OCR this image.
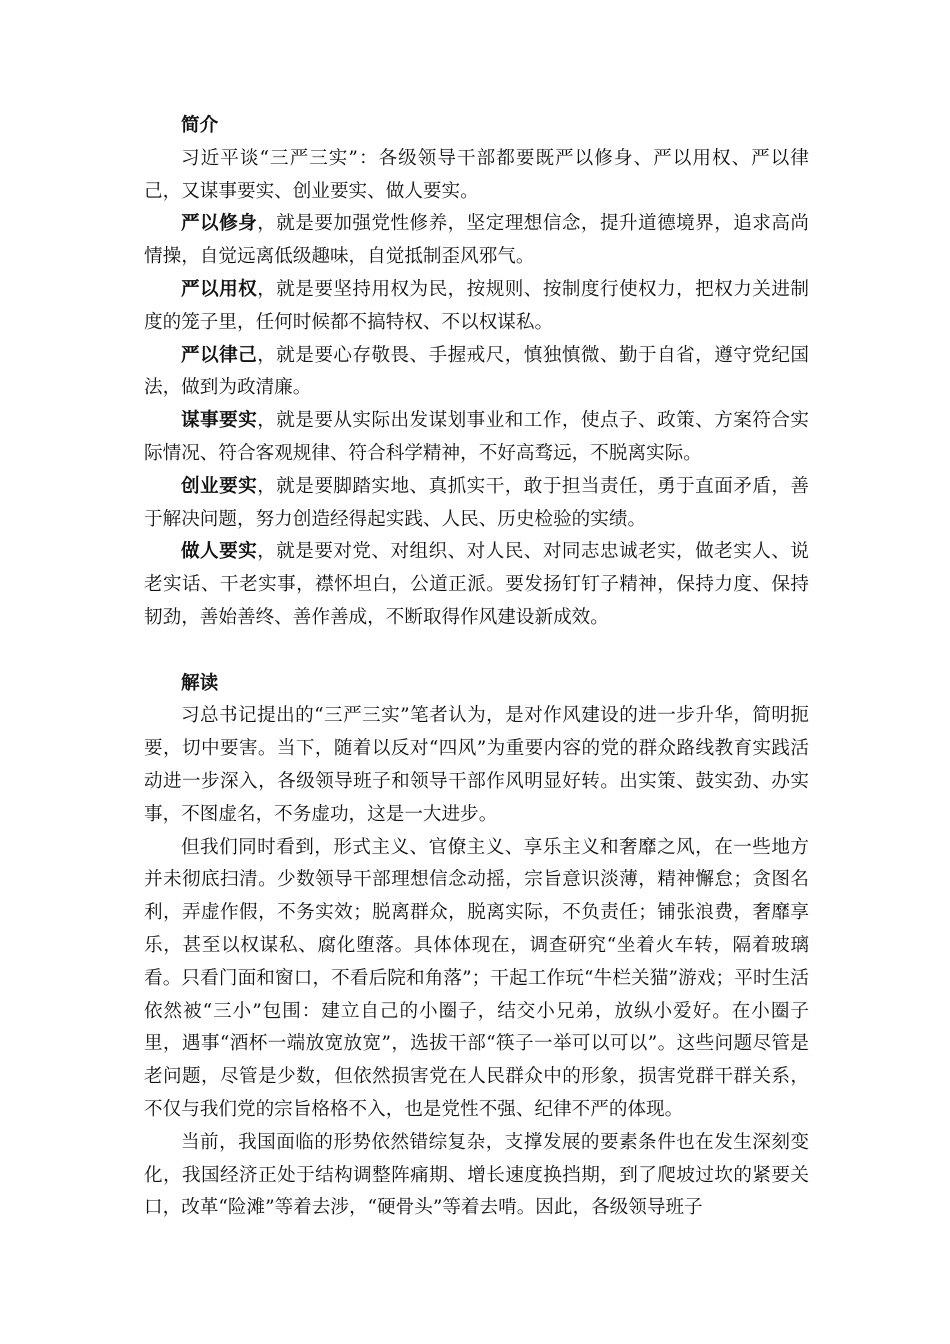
简介

习近平谈“三严三实”：各级领导干部都要既严以修身、严以用权、严以律己，又谋事要实、创业要实、做人要实。

严以修身，就是要加强党性修养，坚定理想信念，提升道德境界，追求高尚情操，自觉远离低级趣味，自觉抵制歪风邪气。

严以用权，就是要坚持用权为民，按规则、按制度行使权力，把权力关进制度的笼子里，任何时候都不搞特权、不以权谋私。

严以律己，就是要心存敬畏、手握戒尺，慎独慎微、勤于自省，遵守党纪国法，做到为政清廉。

谋事要实，就是要从实际出发谋划事业和工作，使点子、政策、方案符合实际情况、符合客观规律、符合科学精神，不好高骛远，不脱离实际。

创业要实，就是要脚踏实地、真抓实干，敢于担当责任，勇于直面矛盾，善于解决问题，努力创造经得起实践、人民、历史检验的实绩。

做人要实，就是要对党、对组织、对人民、对同志忠诚老实，做老实人、说老实话、干老实事，襟怀坦白，公道正派。要发扬钉钉子精神，保持力度、保持韧劲，善始善终、善作善成，不断取得作风建设新成效。

解读

习总书记提出的“三严三实”笔者认为，是对作风建设的进一步升华，简明扼要，切中要害。当下，随着以反对“四风”为重要内容的党的群众路线教育实践活动进一步深入，各级领导班子和领导干部作风明显好转。出实策、鼓实劲、办实事，不图虚名，不务虚功，这是一大进步。

但我们同时看到，形式主义、官僚主义、享乐主义和奢靡之风，在一些地方并未彻底扫清。少数领导干部理想信念动摇，宗旨意识淡薄，精神懈怠；贪图名利，弄虚作假，不务实效；脱离群众，脱离实际，不负责任；铺张浪费，奢靡享乐，甚至以权谋私、腐化堕落。具体体现在，调查研究“坐着火车转，隔着玻璃看。只看门面和窗口，不看后院和角落”；干起工作玩“牛栏关猫”游戏；平时生活依然被“三小”包围：建立自己的小圈子，结交小兄弟，放纵小爱好。在小圈子里，遇事“酒杯一端放宽放宽”，选拔干部“筷子一举可以可以”。这些问题尽管是老问题，尽管是少数，但依然损害党在人民群众中的形象，损害党群干群关系，不仅与我们党的宗旨格格不入，也是党性不强、纪律不严的体现。

当前，我国面临的形势依然错综复杂，支撑发展的要素条件也在发生深刻变化，我国经济正处于结构调整阵痛期、增长速度换挡期，到了爬坡过坎的紧要关口，改革“险滩”等着去涉，“硬骨头”等着去啃。因此，各级领导班子
